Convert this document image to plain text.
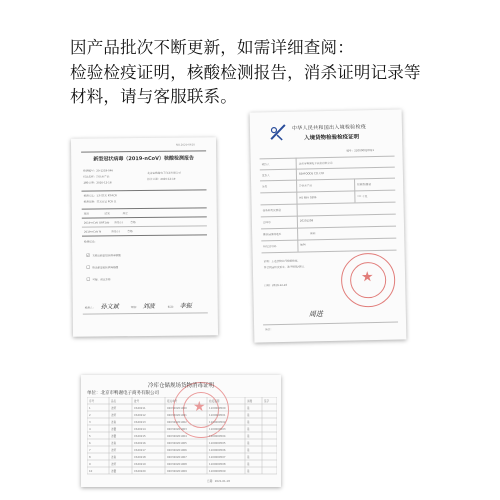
因产品批次不断更新，如需详细查阅：
检验检疫证明，核酸检测报告，消杀证明记录等
材料，请与客服联系。
NO.2020-0610
新型冠状病毒（2019-nCoV）核酸检测报告
检测编号：20-1218-046
样品名称：冷冻水产品
送检日期：2020-12-18
北京雷鸭谢电子商务有限公司
报告日期：2020-12-19
检测方法：实时荧光 RT-PCR
检测仪器：荧光定量 PCR 仪
项目　　　　　　结果　　　　　判定
2019-nCoV ORF1ab　　阴性(-)　　　合格
2019-nCoV N　　　　阴性(-)　　　合格
检测结论：
☑ 未检出新型冠状病毒核酸
☐ 检出新型冠状病毒核酸
☐ 可疑，建议复检
检测人： 孙文斌	审核： 刘波	批准： 李振
中华人民共和国出入境检验检疫
入境货物检验检疫证明
编号：220000020021
收货人	北京市鸭谢电子商务有限公司
发货人
SEAFOODS CO. LTD
品名	冷冻水产品	报检数/重量
HS 编码 0306	*** 千克
包装种类及数量
合同号
20201208
输出国家或地区	智利
标记及号码
N/M
证明：上述货物业经检验检疫，
符合我国相关要求，准予销售/使用。
日期：2020-12-16
★
周进
备注：
★
冷库仓储规场货物消毒证明
单位：北京市鸭谢电子商务有限公司
序号	品名	批号	报关单号	检疫证明	消毒	签字
1	冻虾	CS20211	020320201000	1100000500	是
2	冻虾	CS20212	020320201001	1100000501	是
3	冻鱼	CS20213	020320201002	1100000502	是
4	冻蟹	CS20214	020320201003	1100000503	是
5	冻蟹	CS20215	020320201004	1100000504	是
6	冻鱼	CS20216	020320201005	1100000505	是
7	冻虾	CS20217	020320201006	1100000506	是
8	冻鱼	CS20218	020320201007	1100000507	是
9	冻虾	CS20219	020320201008	1100000508	是
10	冻蟹	CS20220	020320201009	1100000509	是
日期：2021-01-18
